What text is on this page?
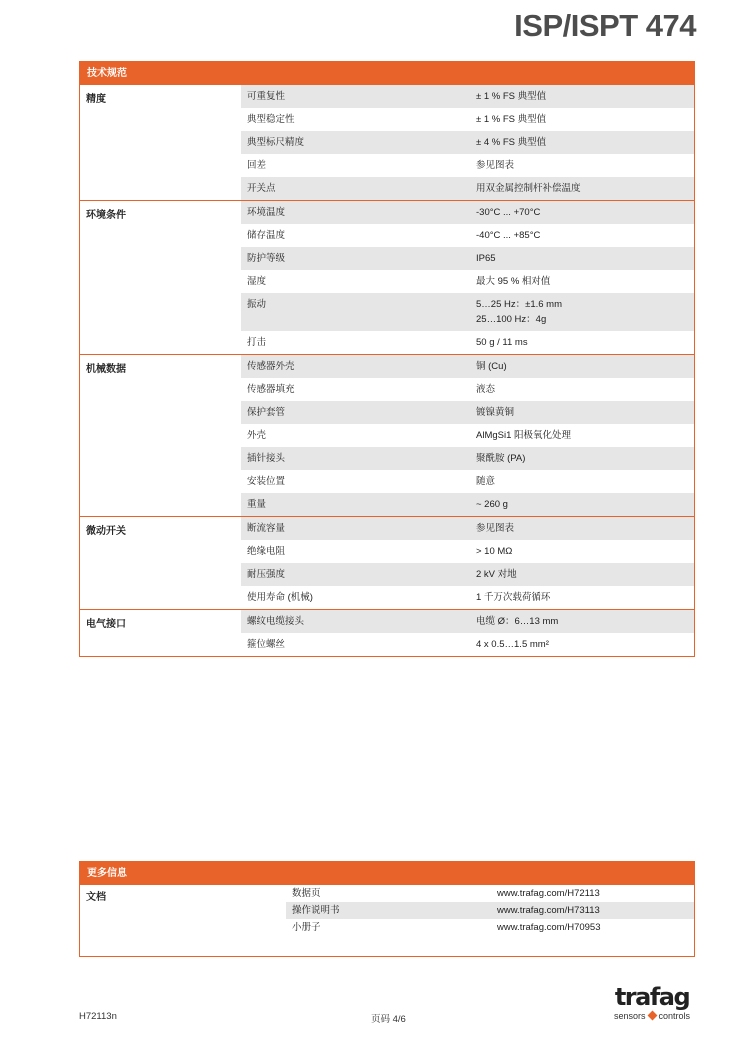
ISP/ISPT 474
技术规范
精度	可重复性	± 1 % FS 典型值
典型稳定性	± 1 % FS 典型值
典型标尺精度	± 4 % FS 典型值
回差	参见图表
开关点	用双金属控制杆补偿温度
环境条件	环境温度	-30°C ... +70°C
储存温度	-40°C ... +85°C
防护等级	IP65
湿度	最大 95 % 相对值
振动	5…25 Hz：±1.6 mm
25…100 Hz：4g
打击	50 g / 11 ms
机械数据	传感器外壳	铜 (Cu)
传感器填充	液态
保护套管	镀镍黄铜
外壳	AlMgSi1 阳极氧化处理
插针接头	聚酰胺 (PA)
安装位置	随意
重量	~ 260 g
微动开关	断流容量	参见图表
绝缘电阻	> 10 MΩ
耐压强度	2 kV 对地
使用寿命 (机械)	1 千万次载荷循环
电气接口	螺纹电缆接头	电缆 Ø：6…13 mm
箍位螺丝	4 x 0.5…1.5 mm²
更多信息
文档	数据页	www.trafag.com/H72113
操作说明书	www.trafag.com/H73113
小册子	www.trafag.com/H70953
H72113n	页码 4/6
trafag
sensors controls
